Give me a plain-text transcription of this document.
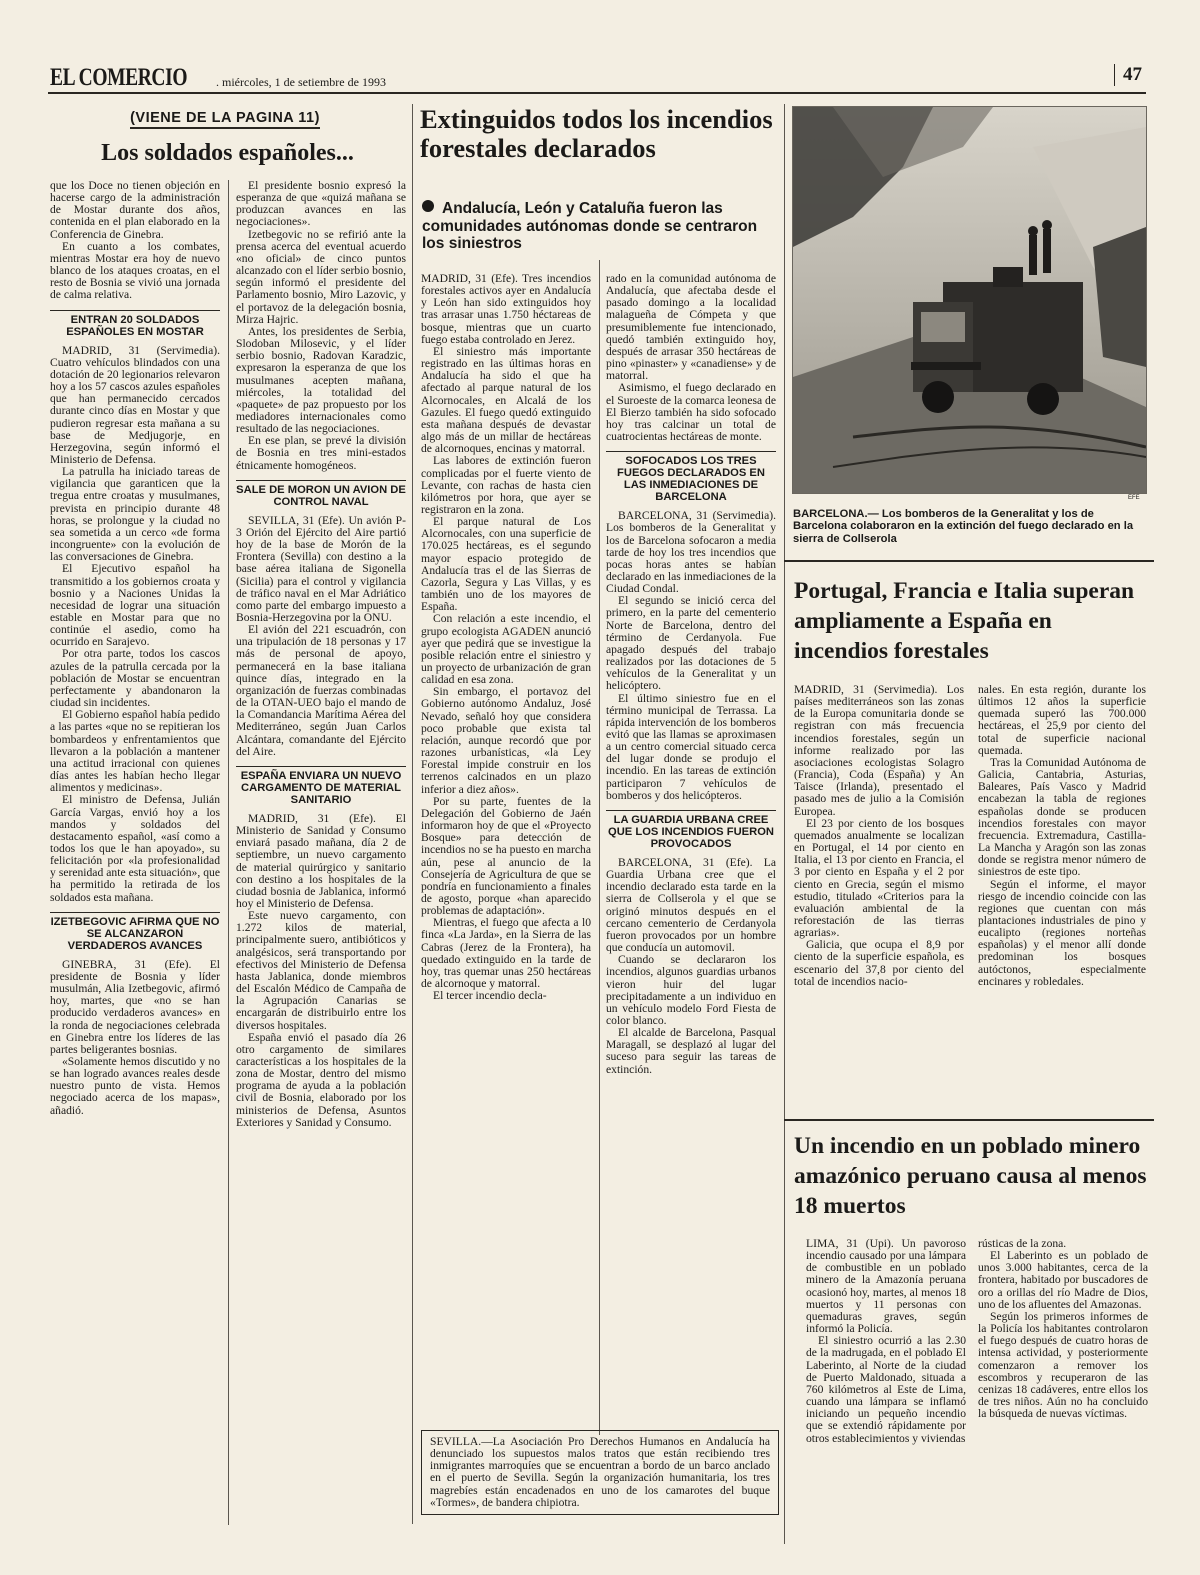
EL COMERCIO . miércoles, 1 de setiembre de 1993	47
(VIENE DE LA PAGINA 11)
Los soldados españoles...

que los Doce no tienen objeción en hacerse cargo de la administración de Mostar durante dos años, contenida en el plan elaborado en la Conferencia de Ginebra.

En cuanto a los combates, mientras Mostar era hoy de nuevo blanco de los ataques croatas, en el resto de Bosnia se vivió una jornada de calma relativa.

ENTRAN 20 SOLDADOS ESPAÑOLES EN MOSTAR

MADRID, 31 (Servimedia). Cuatro vehículos blindados con una dotación de 20 legionarios relevaron hoy a los 57 cascos azules españoles que han permanecido cercados durante cinco días en Mostar y que pudieron regresar esta mañana a su base de Medjugorje, en Herzegovina, según informó el Ministerio de Defensa.

La patrulla ha iniciado tareas de vigilancia que garanticen que la tregua entre croatas y musulmanes, prevista en principio durante 48 horas, se prolongue y la ciudad no sea sometida a un cerco «de forma incongruente» con la evolución de las conversaciones de Ginebra.

El Ejecutivo español ha transmitido a los gobiernos croata y bosnio y a Naciones Unidas la necesidad de lograr una situación estable en Mostar para que no continúe el asedio, como ha ocurrido en Sarajevo.

Por otra parte, todos los cascos azules de la patrulla cercada por la población de Mostar se encuentran perfectamente y abandonaron la ciudad sin incidentes.

El Gobierno español había pedido a las partes «que no se repitieran los bombardeos y enfrentamientos que llevaron a la población a mantener una actitud irracional con quienes días antes les habían hecho llegar alimentos y medicinas».

El ministro de Defensa, Julián García Vargas, envió hoy a los mandos y soldados del destacamento español, «así como a todos los que le han apoyado», su felicitación por «la profesionalidad y serenidad ante esta situación», que ha permitido la retirada de los soldados esta mañana.

IZETBEGOVIC AFIRMA QUE NO SE ALCANZARON VERDADEROS AVANCES

GINEBRA, 31 (Efe). El presidente de Bosnia y líder musulmán, Alia Izetbegovic, afirmó hoy, martes, que «no se han producido verdaderos avances» en la ronda de negociaciones celebrada en Ginebra entre los líderes de las partes beligerantes bosnias.

«Solamente hemos discutido y no se han logrado avances reales desde nuestro punto de vista. Hemos negociado acerca de los mapas», añadió.

El presidente bosnio expresó la esperanza de que «quizá mañana se produzcan avances en las negociaciones».

Izetbegovic no se refirió ante la prensa acerca del eventual acuerdo «no oficial» de cinco puntos alcanzado con el líder serbio bosnio, según informó el presidente del Parlamento bosnio, Miro Lazovic, y el portavoz de la delegación bosnia, Mirza Hajric.

Antes, los presidentes de Serbia, Slodoban Milosevic, y el líder serbio bosnio, Radovan Karadzic, expresaron la esperanza de que los musulmanes acepten mañana, miércoles, la totalidad del «paquete» de paz propuesto por los mediadores internacionales como resultado de las negociaciones.

En ese plan, se prevé la división de Bosnia en tres mini-estados étnicamente homogéneos.

SALE DE MORON UN AVION DE CONTROL NAVAL

SEVILLA, 31 (Efe). Un avión P-3 Orión del Ejército del Aire partió hoy de la base de Morón de la Frontera (Sevilla) con destino a la base aérea italiana de Sigonella (Sicilia) para el control y vigilancia de tráfico naval en el Mar Adriático como parte del embargo impuesto a Bosnia-Herzegovina por la ONU.

El avión del 221 escuadrón, con una tripulación de 18 personas y 17 más de personal de apoyo, permanecerá en la base italiana quince días, integrado en la organización de fuerzas combinadas de la OTAN-UEO bajo el mando de la Comandancia Marítima Aérea del Mediterráneo, según Juan Carlos Alcántara, comandante del Ejército del Aire.

ESPAÑA ENVIARA UN NUEVO CARGAMENTO DE MATERIAL SANITARIO

MADRID, 31 (Efe). El Ministerio de Sanidad y Consumo enviará pasado mañana, día 2 de septiembre, un nuevo cargamento de material quirúrgico y sanitario con destino a los hospitales de la ciudad bosnia de Jablanica, informó hoy el Ministerio de Defensa.

Este nuevo cargamento, con 1.272 kilos de material, principalmente suero, antibióticos y analgésicos, será transportando por efectivos del Ministerio de Defensa hasta Jablanica, donde miembros del Escalón Médico de Campaña de la Agrupación Canarias se encargarán de distribuirlo entre los diversos hospitales.

España envió el pasado día 26 otro cargamento de similares características a los hospitales de la zona de Mostar, dentro del mismo programa de ayuda a la población civil de Bosnia, elaborado por los ministerios de Defensa, Asuntos Exteriores y Sanidad y Consumo.

Extinguidos todos los incendios forestales declarados
Andalucía, León y Cataluña fueron las comunidades autónomas donde se centraron los siniestros

MADRID, 31 (Efe). Tres incendios forestales activos ayer en Andalucía y León han sido extinguidos hoy tras arrasar unas 1.750 héctareas de bosque, mientras que un cuarto fuego estaba controlado en Jerez.

El siniestro más importante registrado en las últimas horas en Andalucía ha sido el que ha afectado al parque natural de los Alcornocales, en Alcalá de los Gazules. El fuego quedó extinguido esta mañana después de devastar algo más de un millar de hectáreas de alcornoques, encinas y matorral.

Las labores de extinción fueron complicadas por el fuerte viento de Levante, con rachas de hasta cien kilómetros por hora, que ayer se registraron en la zona.

El parque natural de Los Alcornocales, con una superficie de 170.025 hectáreas, es el segundo mayor espacio protegido de Andalucía tras el de las Sierras de Cazorla, Segura y Las Villas, y es también uno de los mayores de España.

Con relación a este incendio, el grupo ecologista AGADEN anunció ayer que pedirá que se investigue la posible relación entre el siniestro y un proyecto de urbanización de gran calidad en esa zona.

Sin embargo, el portavoz del Gobierno autónomo Andaluz, José Nevado, señaló hoy que considera poco probable que exista tal relación, aunque recordó que por razones urbanísticas, «la Ley Forestal impide construir en los terrenos calcinados en un plazo inferior a diez años».

Por su parte, fuentes de la Delegación del Gobierno de Jaén informaron hoy de que el «Proyecto Bosque» para detección de incendios no se ha puesto en marcha aún, pese al anuncio de la Consejería de Agricultura de que se pondría en funcionamiento a finales de agosto, porque «han aparecido problemas de adaptación».

Mientras, el fuego que afecta a l0 finca «La Jarda», en la Sierra de las Cabras (Jerez de la Frontera), ha quedado extinguido en la tarde de hoy, tras quemar unas 250 hectáreas de alcornoque y matorral.

El tercer incendio decla-

rado en la comunidad autónoma de Andalucía, que afectaba desde el pasado domingo a la localidad malagueña de Cómpeta y que presumiblemente fue intencionado, quedó también extinguido hoy, después de arrasar 350 hectáreas de pino «pinaster» y «canadiense» y de matorral.

Asimismo, el fuego declarado en el Suroeste de la comarca leonesa de El Bierzo también ha sido sofocado hoy tras calcinar un total de cuatrocientas hectáreas de monte.

SOFOCADOS LOS TRES FUEGOS DECLARADOS EN LAS INMEDIACIONES DE BARCELONA

BARCELONA, 31 (Servimedia). Los bomberos de la Generalitat y los de Barcelona sofocaron a media tarde de hoy los tres incendios que pocas horas antes se habían declarado en las inmediaciones de la Ciudad Condal.

El segundo se inició cerca del primero, en la parte del cementerio Norte de Barcelona, dentro del término de Cerdanyola. Fue apagado después del trabajo realizados por las dotaciones de 5 vehículos de la Generalitat y un helicóptero.

El último siniestro fue en el término municipal de Terrassa. La rápida intervención de los bomberos evitó que las llamas se aproximasen a un centro comercial situado cerca del lugar donde se produjo el incendio. En las tareas de extinción participaron 7 vehículos de bomberos y dos helicópteros.

LA GUARDIA URBANA CREE QUE LOS INCENDIOS FUERON PROVOCADOS

BARCELONA, 31 (Efe). La Guardia Urbana cree que el incendio declarado esta tarde en la sierra de Collserola y el que se originó minutos después en el cercano cementerio de Cerdanyola fueron provocados por un hombre que conducía un automovil.

Cuando se declararon los incendios, algunos guardias urbanos vieron huir del lugar precipitadamente a un individuo en un vehículo modelo Ford Fiesta de color blanco.

El alcalde de Barcelona, Pasqual Maragall, se desplazó al lugar del suceso para seguir las tareas de extinción.

SEVILLA.—La Asociación Pro Derechos Humanos en Andalucía ha denunciado los supuestos malos tratos que están recibiendo tres inmigrantes marroquíes que se encuentran a bordo de un barco anclado en el puerto de Sevilla. Según la organización humanitaria, los tres magrebíes están encadenados en uno de los camarotes del buque «Tormes», de bandera chipiotra.

EFE
BARCELONA.— Los bomberos de la Generalitat y los de Barcelona colaboraron en la extinción del fuego declarado en la sierra de Collserola
Portugal, Francia e Italia superan ampliamente a España en incendios forestales

MADRID, 31 (Servimedia). Los países mediterráneos son las zonas de la Europa comunitaria donde se registran con más frecuencia incendios forestales, según un informe realizado por las asociaciones ecologistas Solagro (Francia), Coda (España) y An Taisce (Irlanda), presentado el pasado mes de julio a la Comisión Europea.

El 23 por ciento de los bosques quemados anualmente se localizan en Portugal, el 14 por ciento en Italia, el 13 por ciento en Francia, el 3 por ciento en España y el 2 por ciento en Grecia, según el mismo estudio, titulado «Criterios para la evaluación ambiental de la reforestación de las tierras agrarias».

Galicia, que ocupa el 8,9 por ciento de la superficie española, es escenario del 37,8 por ciento del total de incendios nacio-

nales. En esta región, durante los últimos 12 años la superficie quemada superó las 700.000 hectáreas, el 25,9 por ciento del total de superficie nacional quemada.

Tras la Comunidad Autónoma de Galicia, Cantabria, Asturias, Baleares, País Vasco y Madrid encabezan la tabla de regiones españolas donde se producen incendios forestales con mayor frecuencia. Extremadura, Castilla-La Mancha y Aragón son las zonas donde se registra menor número de siniestros de este tipo.

Según el informe, el mayor riesgo de incendio coincide con las regiones que cuentan con más plantaciones industriales de pino y eucalipto (regiones norteñas españolas) y el menor allí donde predominan los bosques autóctonos, especialmente encinares y robledales.

Un incendio en un poblado minero amazónico peruano causa al menos 18 muertos

LIMA, 31 (Upi). Un pavoroso incendio causado por una lámpara de combustible en un poblado minero de la Amazonía peruana ocasionó hoy, martes, al menos 18 muertos y 11 personas con quemaduras graves, según informó la Policía.

El siniestro ocurrió a las 2.30 de la madrugada, en el poblado El Laberinto, al Norte de la ciudad de Puerto Maldonado, situada a 760 kilómetros al Este de Lima, cuando una lámpara se inflamó iniciando un pequeño incendio que se extendió rápidamente por otros establecimientos y viviendas

rústicas de la zona.

El Laberinto es un poblado de unos 3.000 habitantes, cerca de la frontera, habitado por buscadores de oro a orillas del río Madre de Dios, uno de los afluentes del Amazonas.

Según los primeros informes de la Policía los habitantes controlaron el fuego después de cuatro horas de intensa actividad, y posteriormente comenzaron a remover los escombros y recuperaron de las cenizas 18 cadáveres, entre ellos los de tres niños. Aún no ha concluido la búsqueda de nuevas víctimas.
